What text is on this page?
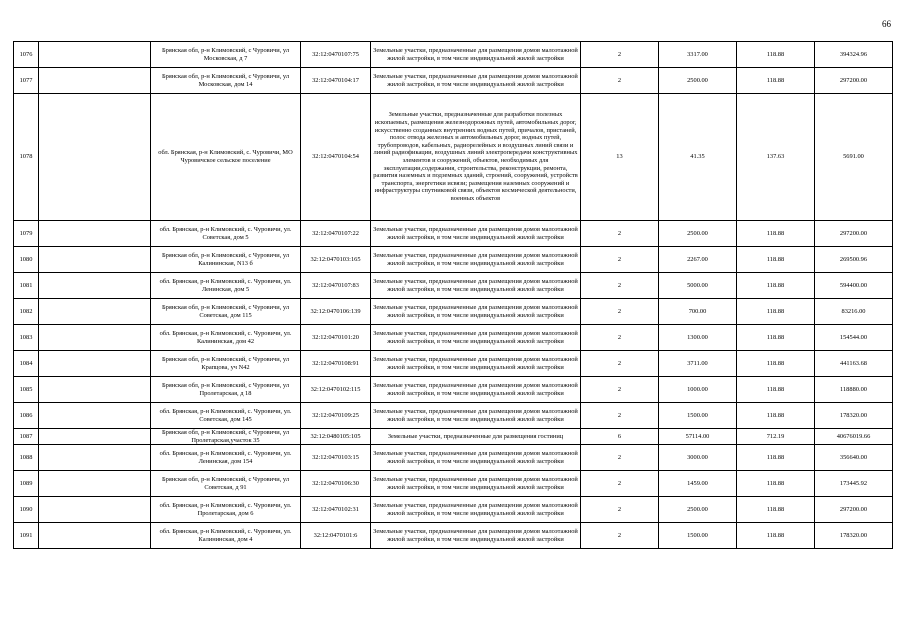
66
1076		Брянская обл, р-н Климовский, с Чуровичи, ул Московская, д 7	32:12:0470107:75	Земельные участки, предназначенные для размещения домов малоэтажной жилой застройки, в том числе индивидуальной жилой застройки	2	3317.00	118.88	394324.96
1077		Брянская обл, р-н Климовский, с Чуровичи, ул Московская, дом 14	32:12:0470104:17	Земельные участки, предназначенные для размещения домов малоэтажной жилой застройки, в том числе индивидуальной жилой застройки	2	2500.00	118.88	297200.00
1078		обл. Брянская, р-н Климовский, с. Чуровичи, МО Чуровичское сельское поселение	32:12:0470104:54	Земельные участки, предназначенные для разработки полезных ископаемых, размещения железнодорожных путей, автомобильных дорог, искусственно созданных внутренних водных путей, причалов, пристаней, полос отвода железных и автомобильных дорог, водных путей, трубопроводов, кабельных, радиорелейных и воздушных линий связи и линий радиофикации, воздушных линий электропередачи конструктивных элементов и сооружений, объектов, необходимых для эксплуатации,содержания, строительства, реконструкции, ремонта, развития наземных и подземных зданий, строений, сооружений, устройств транспорта, энергетики исвязи; размещения наземных сооружений и инфраструктуры спутниковой связи, объектов космической деятельности, военных объектов	13	41.35	137.63	5691.00
1079		обл. Брянская, р-н Климовский, с. Чуровичи, ул. Советская, дом 5	32:12:0470107:22	Земельные участки, предназначенные для размещения домов малоэтажной жилой застройки, в том числе индивидуальной жилой застройки	2	2500.00	118.88	297200.00
1080		Брянская обл, р-н Климовский, с Чуровичи, ул Калининская, N13 б	32:12:0470103:165	Земельные участки, предназначенные для размещения домов малоэтажной жилой застройки, в том числе индивидуальной жилой застройки	2	2267.00	118.88	269500.96
1081		обл. Брянская, р-н Климовский, с. Чуровичи, ул. Ленинская, дом 5	32:12:0470107:83	Земельные участки, предназначенные для размещения домов малоэтажной жилой застройки, в том числе индивидуальной жилой застройки	2	5000.00	118.88	594400.00
1082		Брянская обл, р-н Климовский, с Чуровичи, ул Советская, дом 115	32:12:0470106:139	Земельные участки, предназначенные для размещения домов малоэтажной жилой застройки, в том числе индивидуальной жилой застройки	2	700.00	118.88	83216.00
1083		обл. Брянская, р-н Климовский, с. Чуровичи, ул. Калининская, дом 42	32:12:0470101:20	Земельные участки, предназначенные для размещения домов малоэтажной жилой застройки, в том числе индивидуальной жилой застройки	2	1300.00	118.88	154544.00
1084		Брянская обл, р-н Климовский, с Чуровичи, ул Крапцова, уч N42	32:12:0470108:91	Земельные участки, предназначенные для размещения домов малоэтажной жилой застройки, в том числе индивидуальной жилой застройки	2	3711.00	118.88	441163.68
1085		Брянская обл, р-н Климовский, с Чуровичи, ул Пролетарская, д 18	32:12:0470102:115	Земельные участки, предназначенные для размещения домов малоэтажной жилой застройки, в том числе индивидуальной жилой застройки	2	1000.00	118.88	118880.00
1086		обл. Брянская, р-н Климовский, с. Чуровичи, ул. Советская, дом 145	32:12:0470109:25	Земельные участки, предназначенные для размещения домов малоэтажной жилой застройки, в том числе индивидуальной жилой застройки	2	1500.00	118.88	178320.00
1087		Брянская обл, р-н Климовский, с Чуровичи, ул Пролетарская,участок 35	32:12:0480105:105	Земельные участки, предназначенные для размещения гостиниц	6	57114.00	712.19	40676019.66
1088		обл. Брянская, р-н Климовский, с. Чуровичи, ул. Ленинская, дом 154	32:12:0470103:15	Земельные участки, предназначенные для размещения домов малоэтажной жилой застройки, в том числе индивидуальной жилой застройки	2	3000.00	118.88	356640.00
1089		Брянская обл, р-н Климовский, с Чуровичи, ул Советская, д 91	32:12:0470106:30	Земельные участки, предназначенные для размещения домов малоэтажной жилой застройки, в том числе индивидуальной жилой застройки	2	1459.00	118.88	173445.92
1090		обл. Брянская, р-н Климовский, с. Чуровичи, ул. Пролетарская, дом 6	32:12:0470102:31	Земельные участки, предназначенные для размещения домов малоэтажной жилой застройки, в том числе индивидуальной жилой застройки	2	2500.00	118.88	297200.00
1091		обл. Брянская, р-н Климовский, с. Чуровичи, ул. Калининская, дом 4	32:12:0470101:6	Земельные участки, предназначенные для размещения домов малоэтажной жилой застройки, в том числе индивидуальной жилой застройки	2	1500.00	118.88	178320.00
